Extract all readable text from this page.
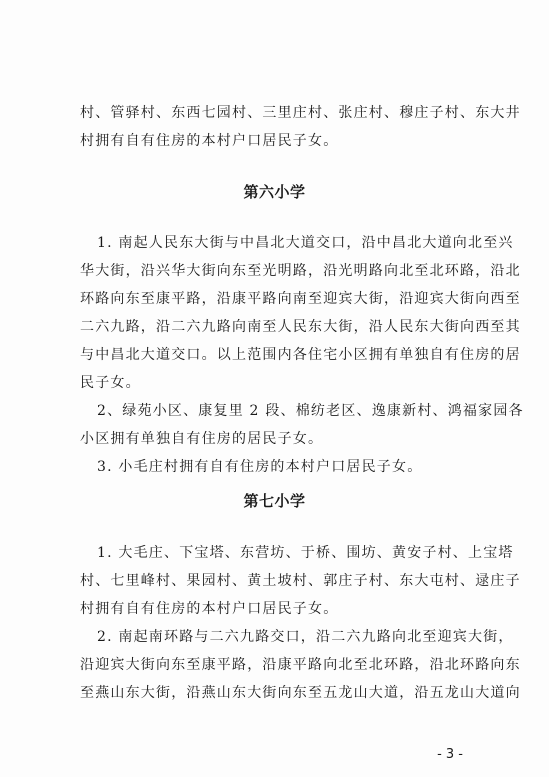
村、管驿村、东西七园村、三里庄村、张庄村、穆庄子村、东大井
村拥有自有住房的本村户口居民子女。
第六小学
1. 南起人民东大街与中昌北大道交口，沿中昌北大道向北至兴
华大街，沿兴华大街向东至光明路，沿光明路向北至北环路，沿北
环路向东至康平路，沿康平路向南至迎宾大街，沿迎宾大街向西至
二六九路，沿二六九路向南至人民东大街，沿人民东大街向西至其
与中昌北大道交口。以上范围内各住宅小区拥有单独自有住房的居
民子女。
2、绿苑小区、康复里 2 段、棉纺老区、逸康新村、鸿福家园各
小区拥有单独自有住房的居民子女。
3. 小毛庄村拥有自有住房的本村户口居民子女。
第七小学
1. 大毛庄、下宝塔、东营坊、于桥、围坊、黄安子村、上宝塔
村、七里峰村、果园村、黄土坡村、郭庄子村、东大屯村、逯庄子
村拥有自有住房的本村户口居民子女。
2. 南起南环路与二六九路交口，沿二六九路向北至迎宾大街，
沿迎宾大街向东至康平路，沿康平路向北至北环路，沿北环路向东
至燕山东大街，沿燕山东大街向东至五龙山大道，沿五龙山大道向
- 3 -
